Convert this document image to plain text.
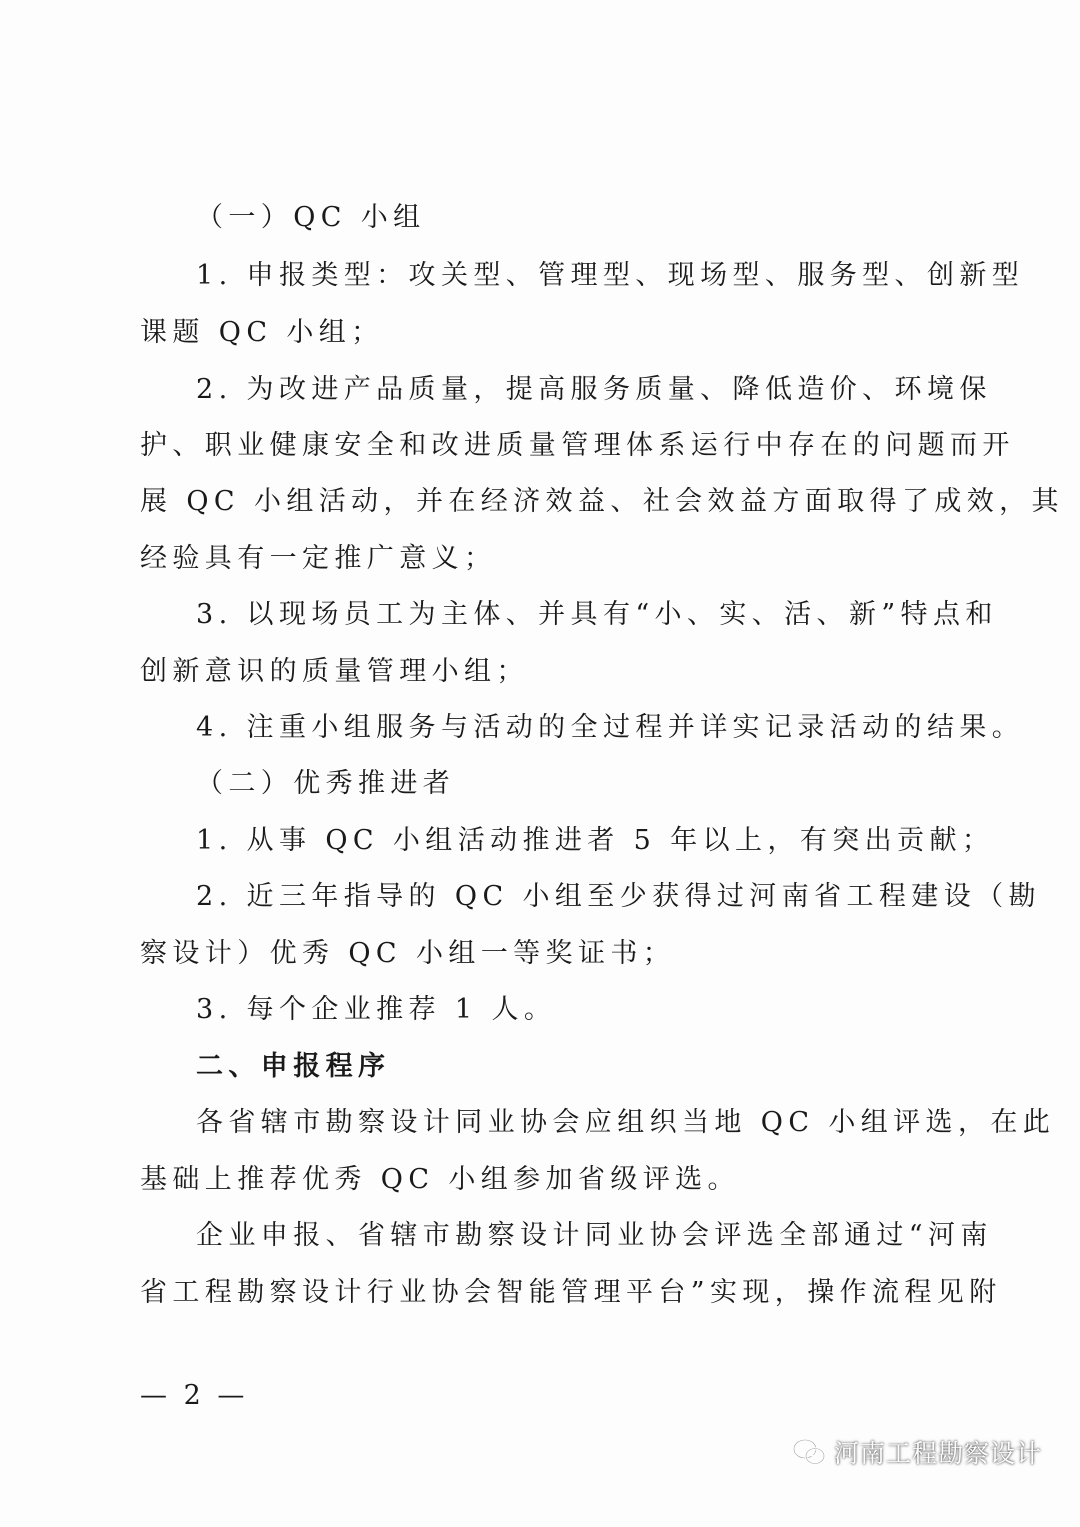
（一）QC 小组
1. 申报类型：攻关型、管理型、现场型、服务型、创新型
课题 QC 小组；
2. 为改进产品质量，提高服务质量、降低造价、环境保
护、职业健康安全和改进质量管理体系运行中存在的问题而开
展 QC 小组活动，并在经济效益、社会效益方面取得了成效，其
经验具有一定推广意义；
3. 以现场员工为主体、并具有“小、实、活、新”特点和
创新意识的质量管理小组；
4. 注重小组服务与活动的全过程并详实记录活动的结果。
（二）优秀推进者
1. 从事 QC 小组活动推进者 5 年以上，有突出贡献；
2. 近三年指导的 QC 小组至少获得过河南省工程建设（勘
察设计）优秀 QC 小组一等奖证书；
3. 每个企业推荐 1 人。
二、申报程序
各省辖市勘察设计同业协会应组织当地 QC 小组评选，在此
基础上推荐优秀 QC 小组参加省级评选。
企业申报、省辖市勘察设计同业协会评选全部通过“河南
省工程勘察设计行业协会智能管理平台”实现，操作流程见附
— 2 —
河南工程勘察设计
